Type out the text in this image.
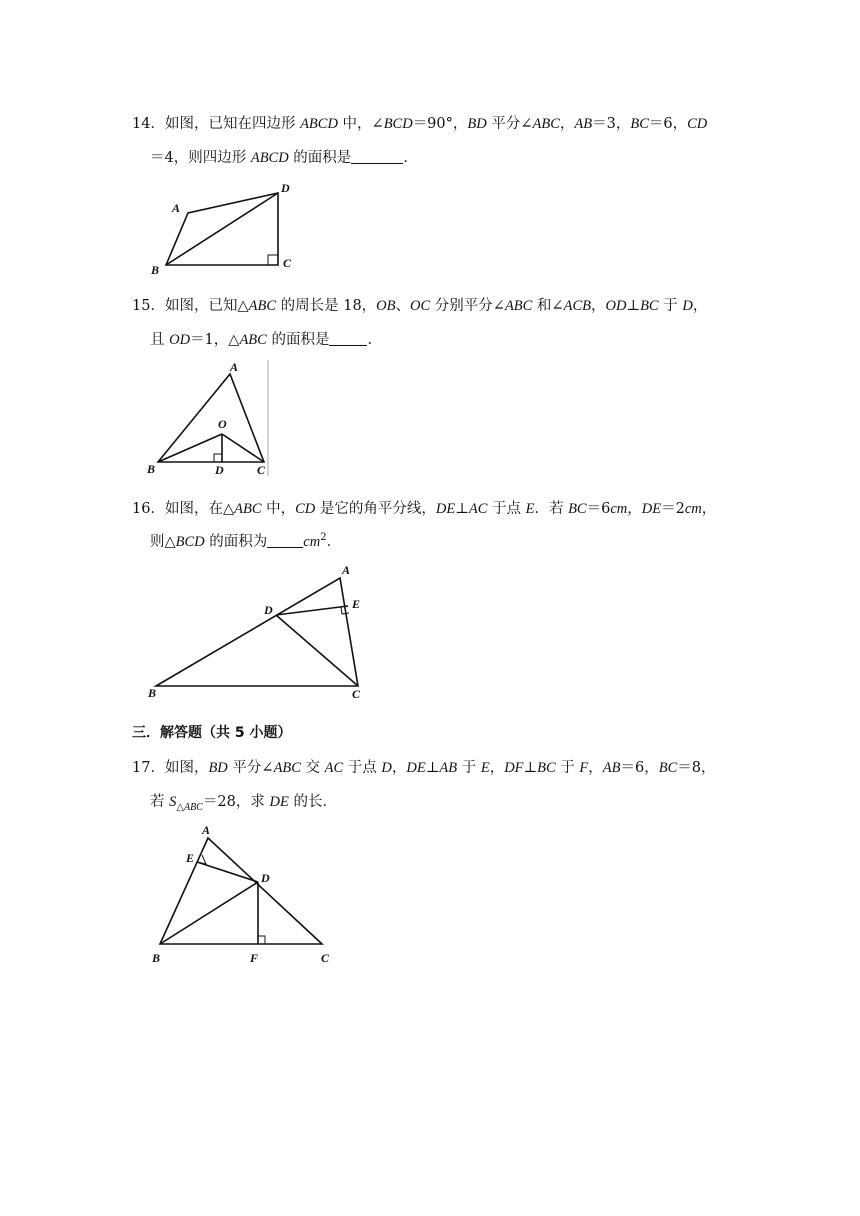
14．如图，已知在四边形 ABCD 中，∠BCD＝90°，BD 平分∠ABC，AB＝3，BC＝6，CD
＝4，则四边形 ABCD 的面积是	．
A
B	C
D
15．如图，已知△ABC 的周长是 18，OB、OC 分别平分∠ABC 和∠ACB，OD⊥BC 于 D，
且 OD＝1，△ABC 的面积是	．
A
O
B	D	C
16．如图，在△ABC 中，CD 是它的角平分线，DE⊥AC 于点 E．若 BC＝6cm，DE＝2cm，
则△BCD 的面积为 $cm^2$．
A
D	E
B	C
三．解答题（共 5 小题）
17．如图，BD 平分∠ABC 交 AC 于点 D，DE⊥AB 于 E，DF⊥BC 于 F，AB＝6，BC＝8，
若 $S_{\triangle ABC}=28$，求 DE 的长．
A
E
D
B	F	C
